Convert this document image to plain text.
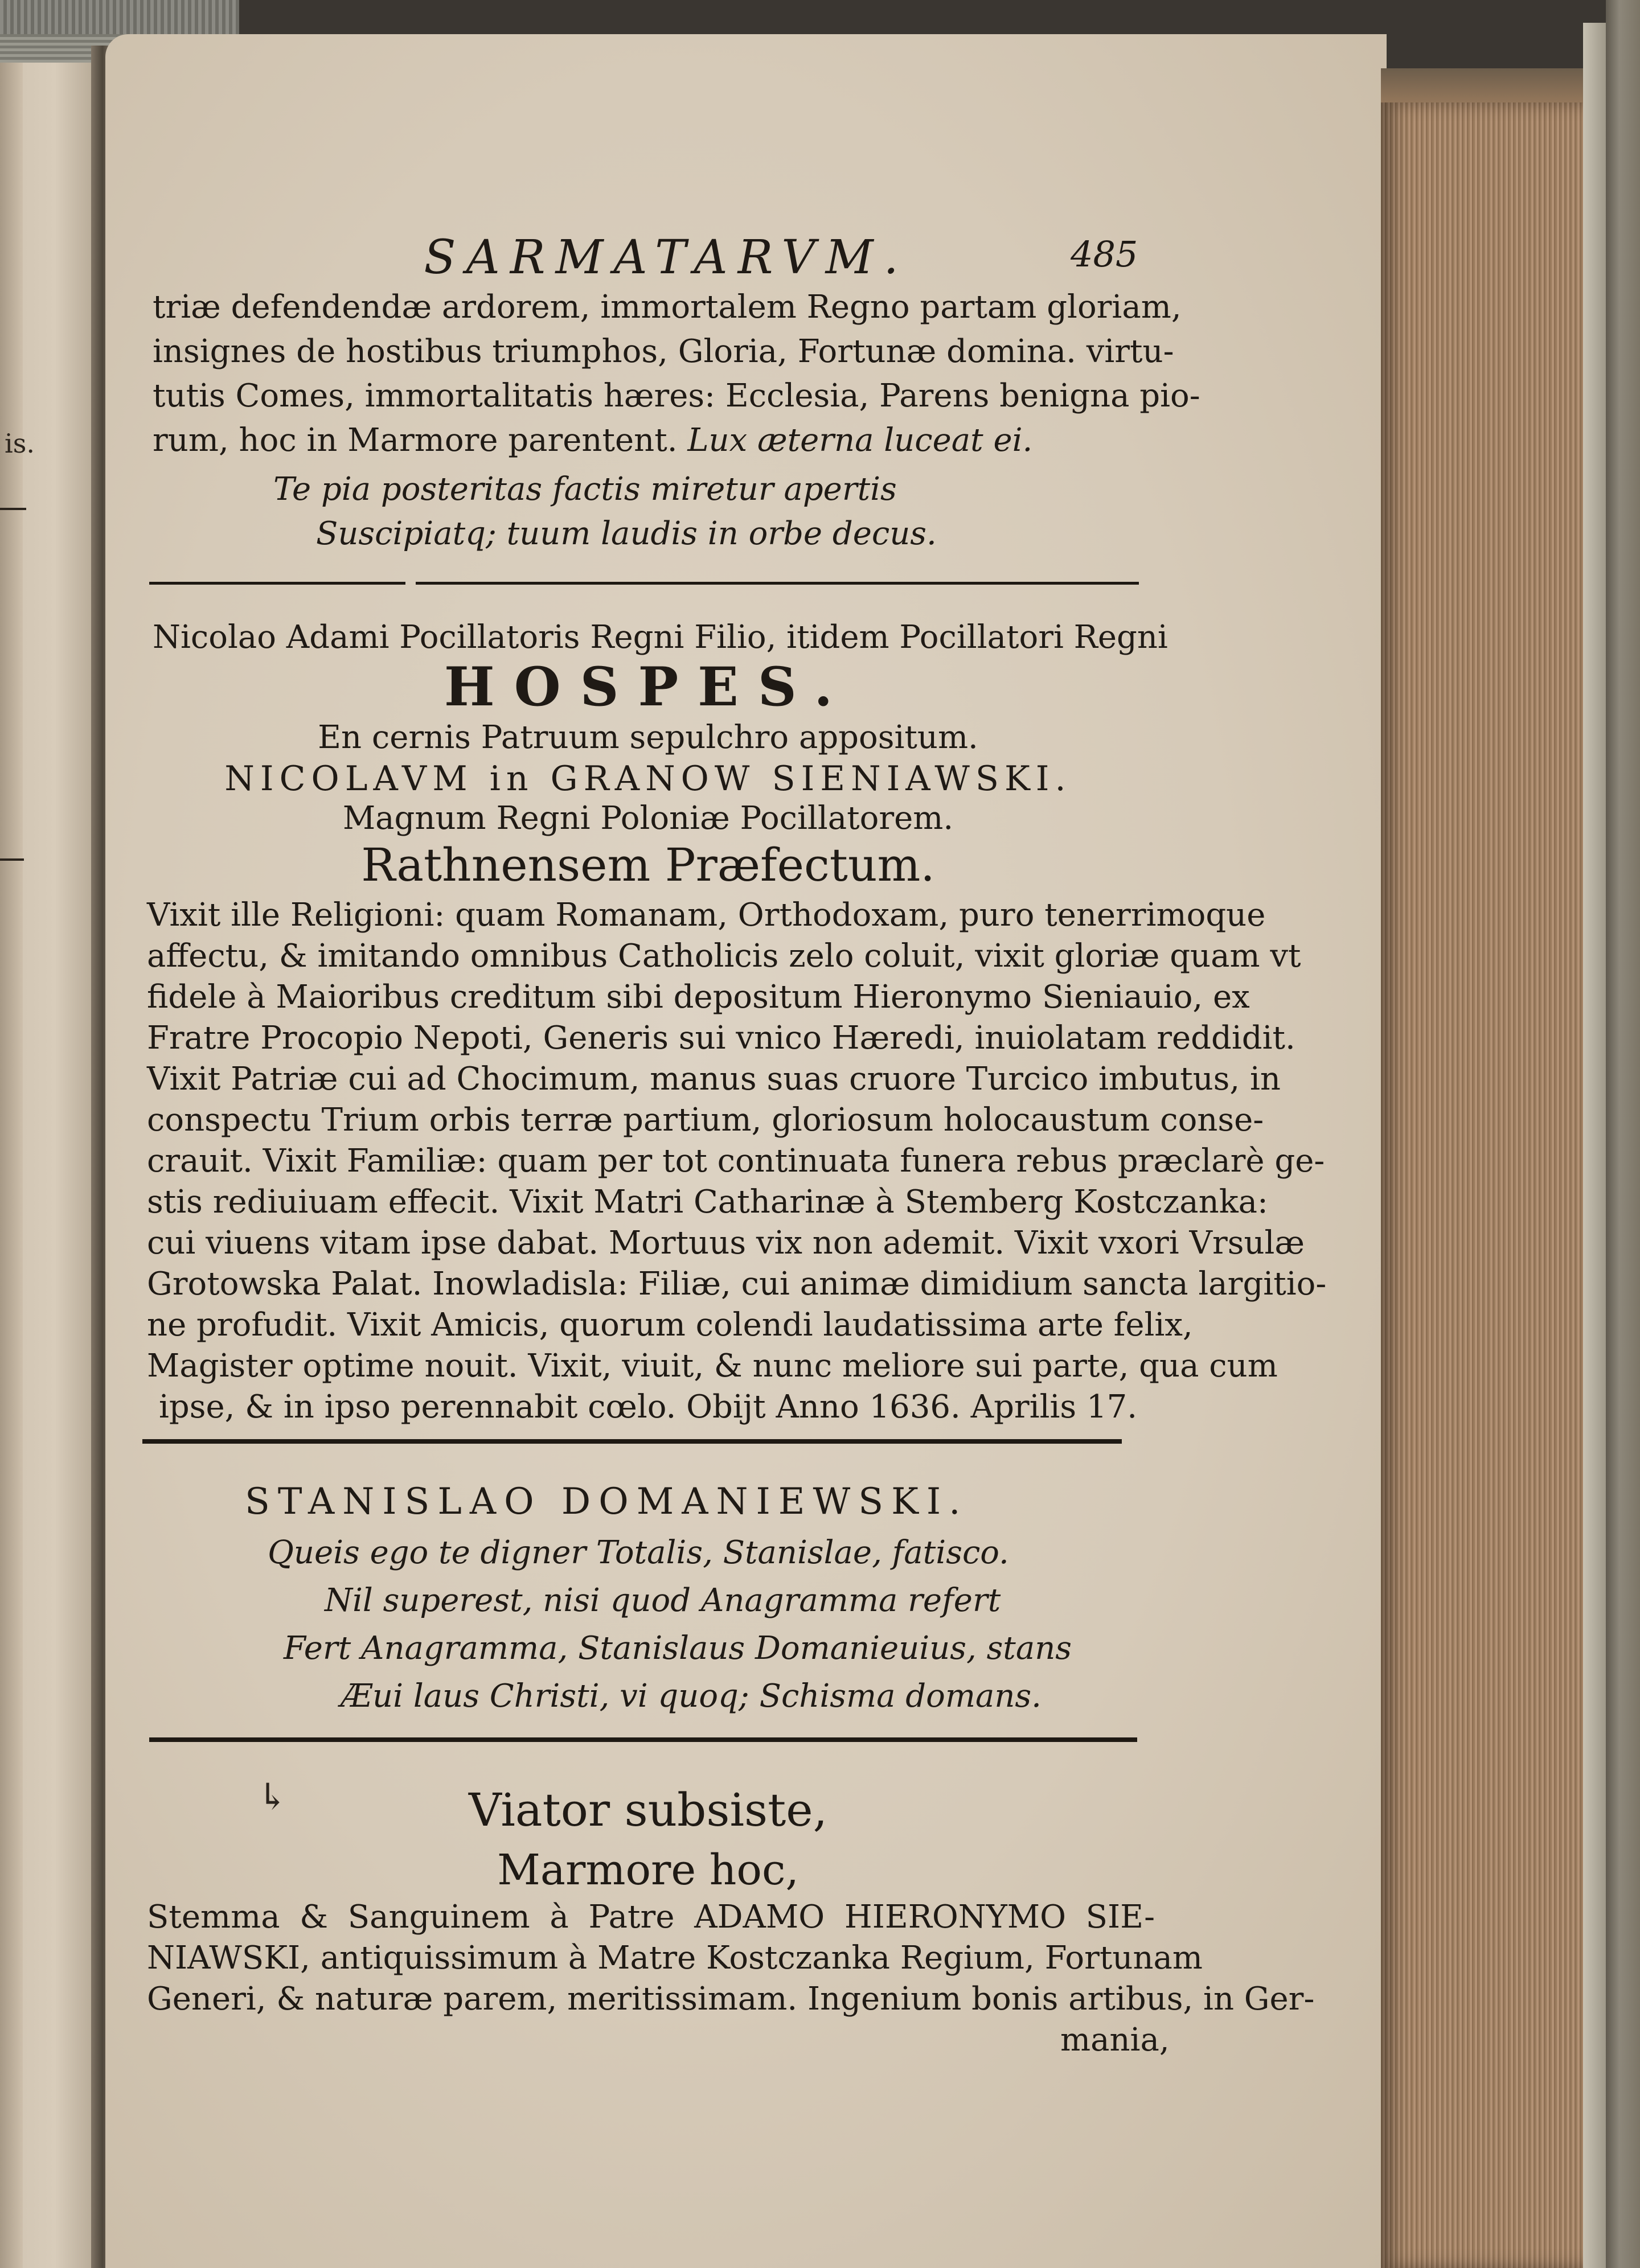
is.
SARMATARVM.	485
triæ defendendæ ardorem, immortalem Regno partam gloriam,
insignes de hostibus triumphos, Gloria, Fortunæ domina. virtu-
tutis Comes, immortalitatis hæres: Ecclesia, Parens benigna pio-
rum, hoc in Marmore parentent. Lux æterna luceat ei.
Te pia posteritas factis miretur apertis
Suscipiatq; tuum laudis in orbe decus.
Nicolao Adami Pocillatoris Regni Filio, itidem Pocillatori Regni
HOSPES.
En cernis Patruum sepulchro appositum.
NICOLAVM in GRANOW SIENIAWSKI.
Magnum Regni Poloniæ Pocillatorem.
Rathnensem Præfectum.
Vixit ille Religioni: quam Romanam, Orthodoxam, puro tenerrimoque
affectu, & imitando omnibus Catholicis zelo coluit, vixit gloriæ quam vt
fidele à Maioribus creditum sibi depositum Hieronymo Sieniauio, ex
Fratre Procopio Nepoti, Generis sui vnico Hæredi, inuiolatam reddidit.
Vixit Patriæ cui ad Chocimum, manus suas cruore Turcico imbutus, in
conspectu Trium orbis terræ partium, gloriosum holocaustum conse-
crauit. Vixit Familiæ: quam per tot continuata funera rebus præclarè ge-
stis rediuiuam effecit. Vixit Matri Catharinæ à Stemberg Kostczanka:
cui viuens vitam ipse dabat. Mortuus vix non ademit. Vixit vxori Vrsulæ
Grotowska Palat. Inowladisla: Filiæ, cui animæ dimidium sancta largitio-
ne profudit. Vixit Amicis, quorum colendi laudatissima arte felix,
Magister optime nouit. Vixit, viuit, & nunc meliore sui parte, qua cum
ipse, & in ipso perennabit cœlo. Obijt Anno 1636. Aprilis 17.
STANISLAO DOMANIEWSKI.
Queis ego te digner Totalis, Stanislae, fatisco.
Nil superest, nisi quod Anagramma refert
Fert Anagramma, Stanislaus Domanieuius, stans
Æui laus Christi, vi quoq; Schisma domans.
↳	Viator subsiste,
Marmore hoc,
Stemma & Sanguinem à Patre ADAMO HIERONYMO SIE-
NIAWSKI, antiquissimum à Matre Kostczanka Regium, Fortunam
Generi, & naturæ parem, meritissimam. Ingenium bonis artibus, in Ger-
mania,
